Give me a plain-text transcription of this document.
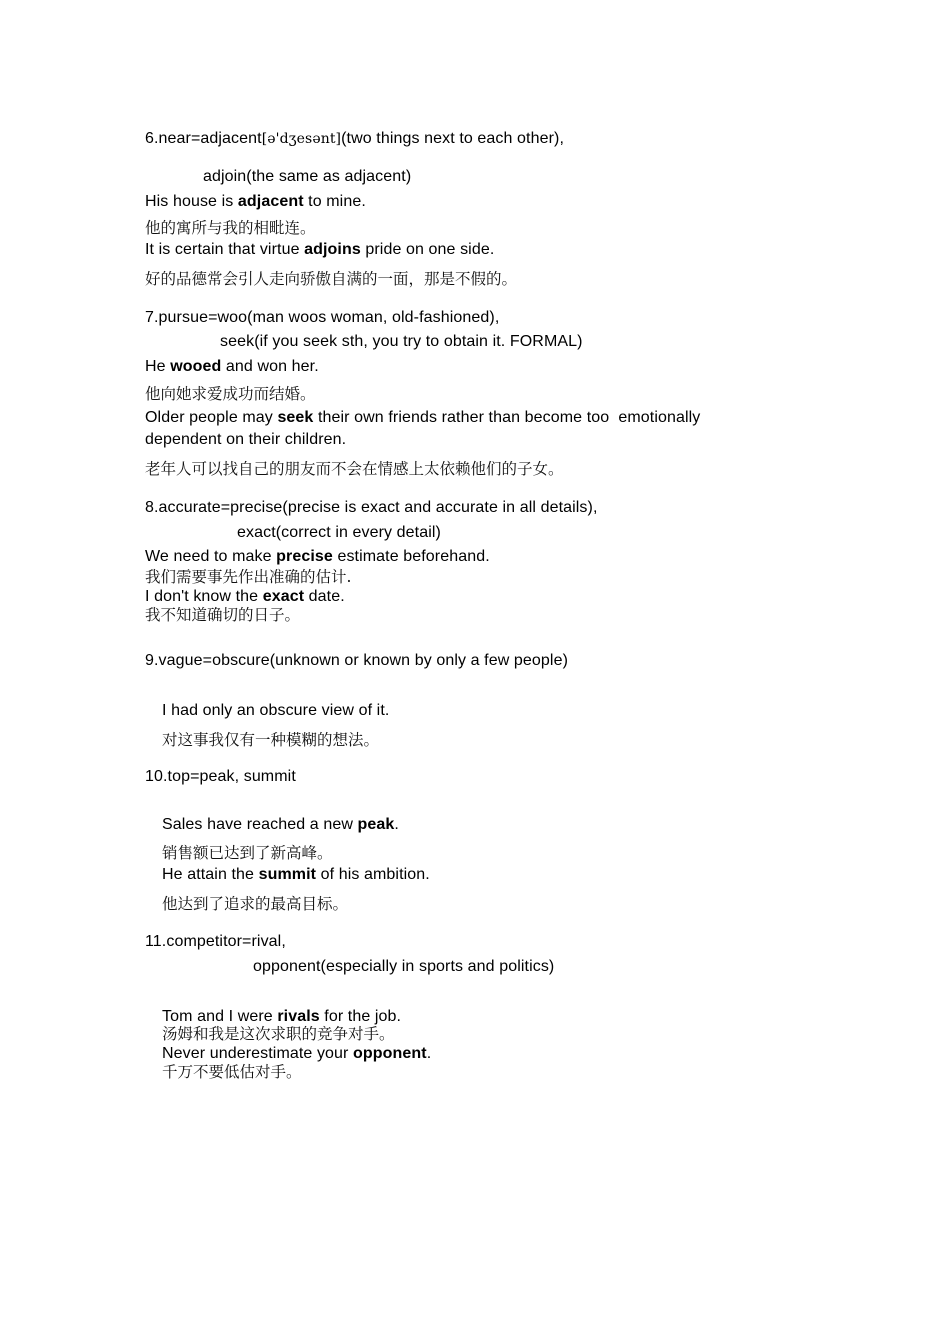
6.near=adjacent[ə'dʒesənt](two things next to each other),
adjoin(the same as adjacent)
His house is adjacent to mine.
他的寓所与我的相毗连。
It is certain that virtue adjoins pride on one side.
好的品德常会引人走向骄傲自满的一面，那是不假的。
7.pursue=woo(man woos woman, old-fashioned),
seek(if you seek sth, you try to obtain it. FORMAL)
He wooed and won her.
他向她求爱成功而结婚。
Older people may seek their own friends rather than become too  emotionally
dependent on their children.
老年人可以找自己的朋友而不会在情感上太依赖他们的子女。
8.accurate=precise(precise is exact and accurate in all details),
exact(correct in every detail)
We need to make precise estimate beforehand.
我们需要事先作出准确的估计.
I don't know the exact date.
我不知道确切的日子。
9.vague=obscure(unknown or known by only a few people)
I had only an obscure view of it.
对这事我仅有一种模糊的想法。
10.top=peak, summit
Sales have reached a new peak.
销售额已达到了新高峰。
He attain the summit of his ambition.
他达到了追求的最高目标。
11.competitor=rival,
opponent(especially in sports and politics)
Tom and I were rivals for the job.
汤姆和我是这次求职的竞争对手。
Never underestimate your opponent.
千万不要低估对手。
